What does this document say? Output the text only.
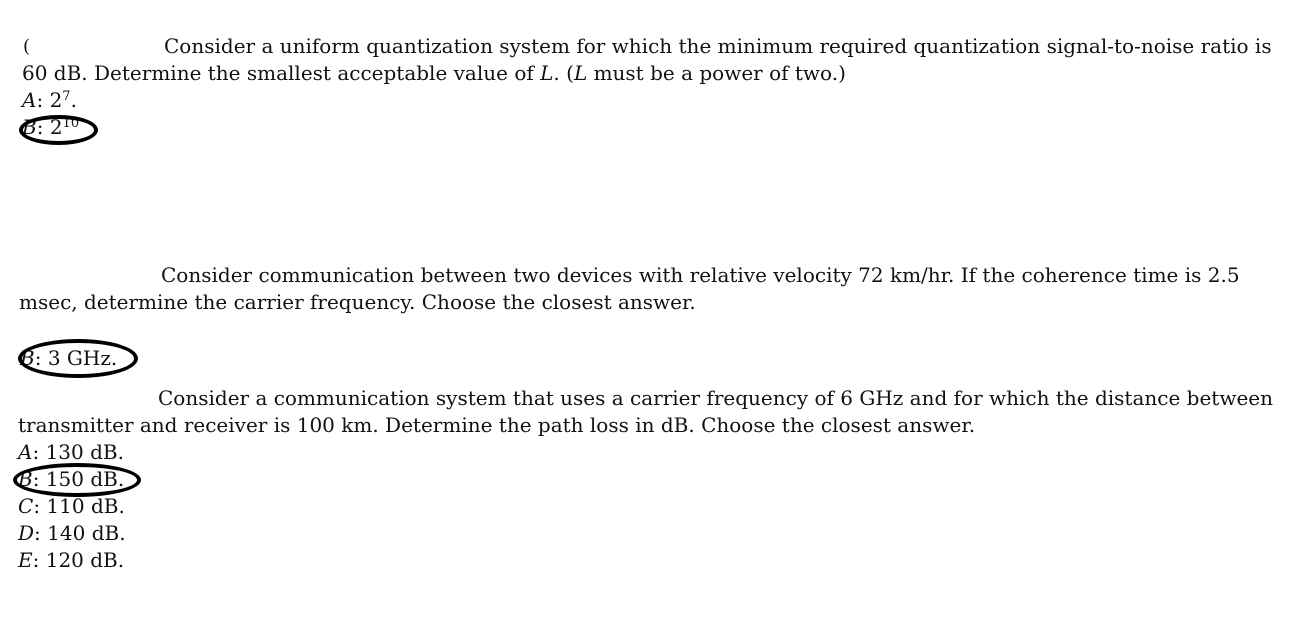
(	Consider a uniform quantization system for which the minimum required quantization signal-to-noise ratio is
60 dB. Determine the smallest acceptable value of L. (L must be a power of two.)
A: $2^7$.
B: $2^{10}$
Consider communication between two devices with relative velocity 72 km/hr. If the coherence time is 2.5
msec, determine the carrier frequency. Choose the closest answer.
B: 3 GHz.
Consider a communication system that uses a carrier frequency of 6 GHz and for which the distance between
transmitter and receiver is 100 km. Determine the path loss in dB. Choose the closest answer.
A: 130 dB.
B: 150 dB.
C: 110 dB.
D: 140 dB.
E: 120 dB.
